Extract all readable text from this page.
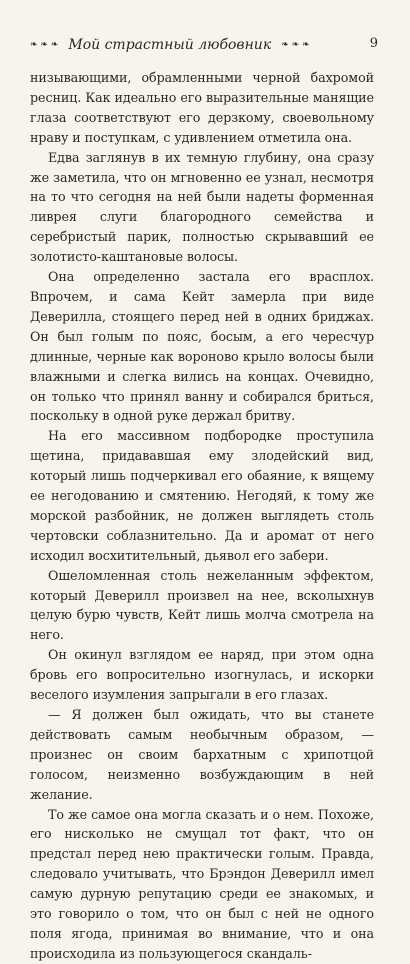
❧ ❧ ❧ Мой страстный любовник ❧ ❧ ❧	9

низывающими, обрамленными черной бахромой ресниц. Как идеально его выразительные манящие глаза соответствуют его дерзкому, своевольному нраву и поступкам, с удивлением отметила она.

Едва заглянув в их темную глубину, она сразу же заметила, что он мгновенно ее узнал, несмотря на то что сегодня на ней были надеты форменная ливрея слуги благородного семейства и серебристый парик, полностью скрывавший ее золотисто-каштановые волосы.

Она определенно застала его врасплох. Впрочем, и сама Кейт замерла при виде Деверилла, стоящего перед ней в одних бриджах. Он был голым по пояс, босым, а его чересчур длинные, черные как вороново крыло волосы были влажными и слегка вились на концах. Очевидно, он только что принял ванну и собирался бриться, поскольку в одной руке держал бритву.

На его массивном подбородке проступила щетина, придававшая ему злодейский вид, который лишь подчеркивал его обаяние, к вящему ее негодованию и смятению. Негодяй, к тому же морской разбойник, не должен выглядеть столь чертовски соблазнительно. Да и аромат от него исходил восхитительный, дьявол его забери.

Ошеломленная столь нежеланным эффектом, который Деверилл произвел на нее, всколыхнув целую бурю чувств, Кейт лишь молча смотрела на него.

Он окинул взглядом ее наряд, при этом одна бровь его вопросительно изогнулась, и искорки веселого изумления запрыгали в его глазах.

— Я должен был ожидать, что вы станете действовать самым необычным образом, — произнес он своим бархатным с хрипотцой голосом, неизменно возбуждающим в ней желание.

То же самое она могла сказать и о нем. Похоже, его нисколько не смущал тот факт, что он предстал перед нею практически голым. Правда, следовало учитывать, что Брэндон Деверилл имел самую дурную репутацию среди ее знакомых, и это говорило о том, что он был с ней не одного поля ягода, принимая во внимание, что и она происходила из пользующегося скандаль-
